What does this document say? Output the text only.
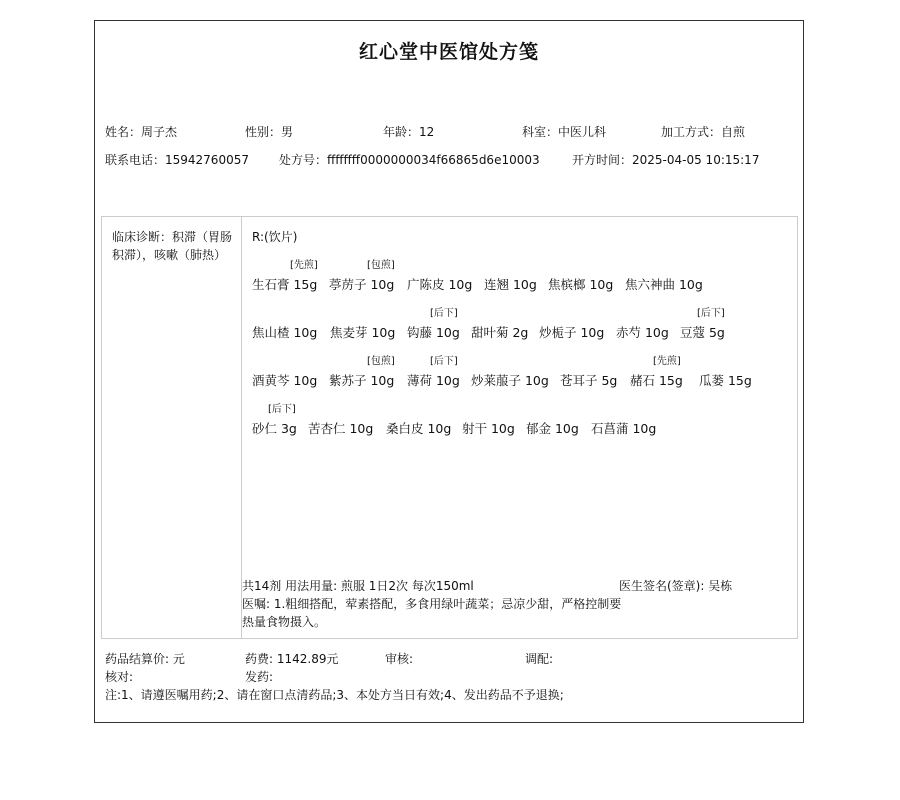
红心堂中医馆处方笺
姓名：周子杰	性别：男	年龄：12	科室：中医儿科	加工方式：自煎
联系电话：15942760057	处方号：ffffffff0000000034f66865d6e10003	开方时间：2025-04-05 10:15:17
临床诊断：积滞（胃肠积滞），咳嗽（肺热）
R:(饮片)
[先煎]
生石膏 15g 葶苈子 10g
[包煎]
广陈皮 10g 连翘 10g 焦槟榔 10g 焦六神曲 10g
焦山楂 10g 焦麦芽 10g
[后下]
钩藤 10g 甜叶菊 2g 炒栀子 10g 赤芍 10g
[后下]
豆蔻 5g
酒黄芩 10g
[包煎]
紫苏子 10g
[后下]
薄荷 10g 炒莱菔子 10g 苍耳子 5g
[先煎]
赭石 15g 瓜蒌 15g
[后下]
砂仁 3g 苦杏仁 10g 桑白皮 10g 射干 10g 郁金 10g 石菖蒲 10g
共14剂 用法用量: 煎服 1日2次 每次150ml
医嘱: 1.粗细搭配，荤素搭配，多食用绿叶蔬菜；忌凉少甜，严格控制要热量食物摄入。
医生签名(签章): 吴栋
药品结算价: 元	药费: 1142.89元	审核:	调配:
核对:	发药:
注:1、请遵医嘱用药;2、请在窗口点清药品;3、本处方当日有效;4、发出药品不予退换;
